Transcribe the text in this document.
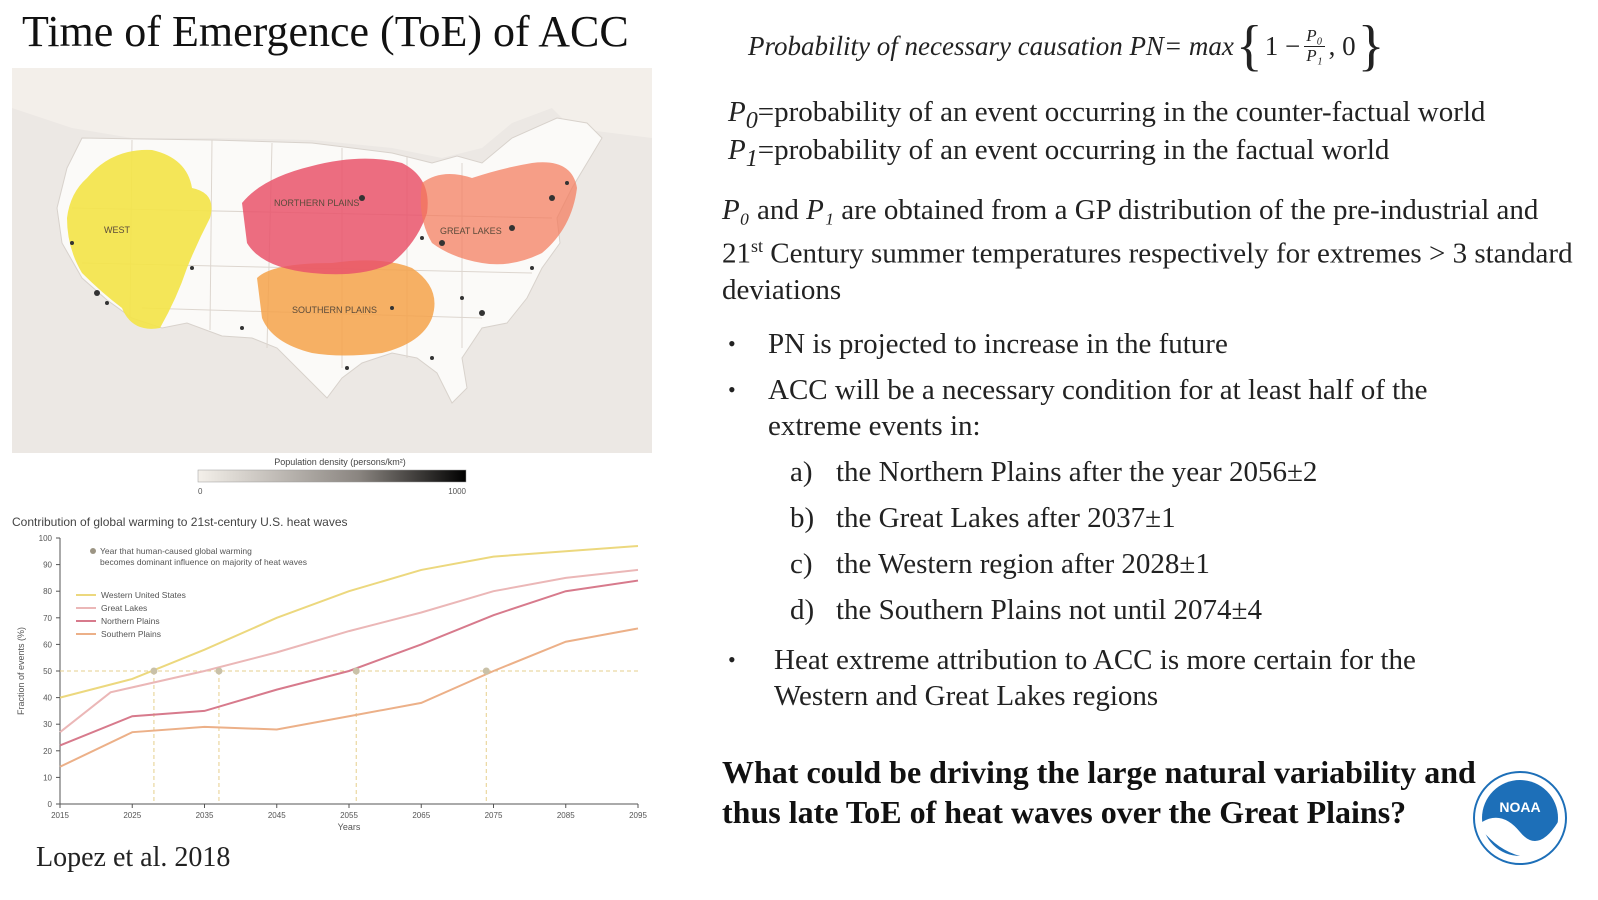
Time of Emergence (ToE) of ACC
WEST
NORTHERN PLAINS
GREAT LAKES
SOUTHERN PLAINS
Population density (persons/km²)
0	1000
Contribution of global warming to 21st-century U.S. heat waves
0
10
20
30
40
50
60
70
80
90
100
2015	2025	2035	2045	2055	2065	2075	2085	2095
Years
Fraction of events (%)
Year that human-caused global warming becomes dominant influence on majority of heat waves
Western United States
Great Lakes
Northern Plains
Southern Plains
Lopez et al. 2018
Probability of necessary causation PN= max { $1 - \frac{\text{P₀}}{\text{P₁}}$ , 0 }
$P_0=probability$ of an event occurring in the counter-factual world
$P_1=probability$ of an event occurring in the factual world
P₀ and P₁ are obtained from a GP distribution of the pre-industrial and 21st Century summer temperatures respectively for extremes > 3 standard deviations
• PN is projected to increase in the future
• ACC will be a necessary condition for at least half of the
extreme events in:
a) the Northern Plains after the year 2056±2
b) the Great Lakes after 2037±1
c) the Western region after 2028±1
d) the Southern Plains not until 2074±4
• Heat extreme attribution to ACC is more certain for the
Western and Great Lakes regions
What could be driving the large natural variability and thus late ToE of heat waves over the Great Plains?	NOAA
